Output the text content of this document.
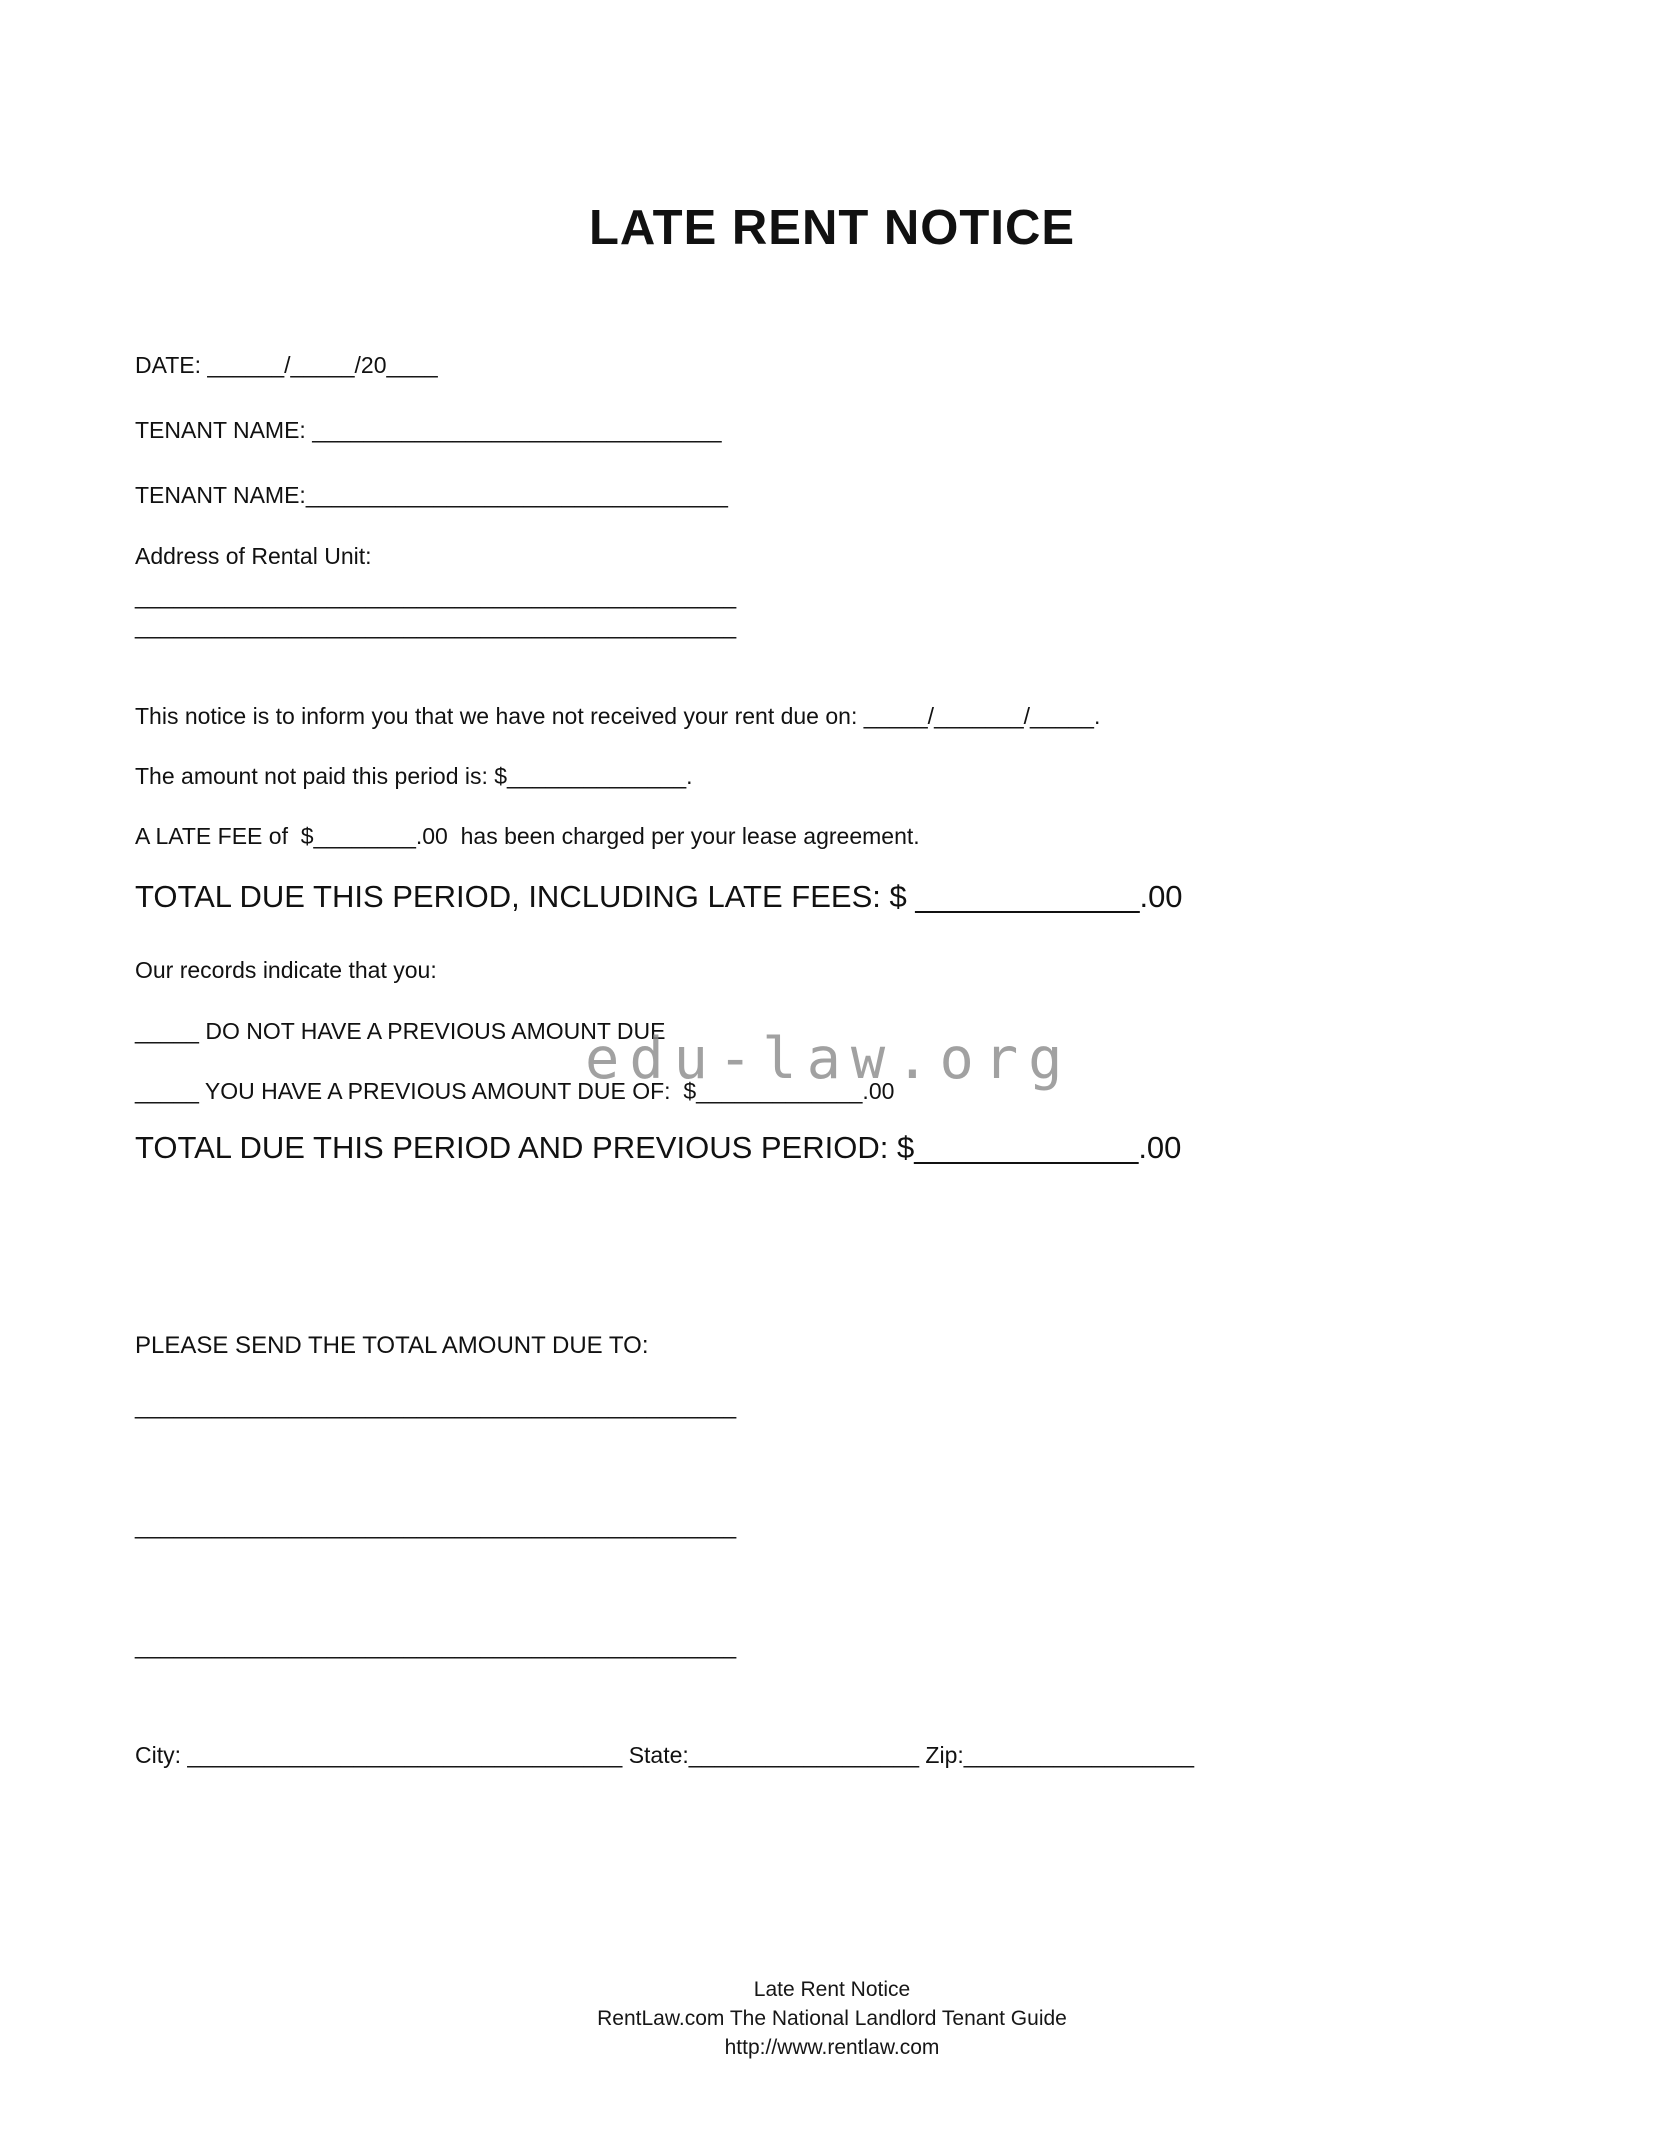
LATE RENT NOTICE
DATE: ______/_____/20____
TENANT NAME: ________________________________
TENANT NAME:_________________________________
Address of Rental Unit:
_______________________________________________
_______________________________________________
This notice is to inform you that we have not received your rent due on: _____/_______/_____.
The amount not paid this period is: $______________.
A LATE FEE of  $________.00  has been charged per your lease agreement.
TOTAL DUE THIS PERIOD, INCLUDING LATE FEES: $ _____________.00
Our records indicate that you:
_____ DO NOT HAVE A PREVIOUS AMOUNT DUE
_____ YOU HAVE A PREVIOUS AMOUNT DUE OF:  $_____________.00
TOTAL DUE THIS PERIOD AND PREVIOUS PERIOD: $_____________.00
PLEASE SEND THE TOTAL AMOUNT DUE TO:
_______________________________________________
_______________________________________________
_______________________________________________
City: __________________________________ State:__________________ Zip:__________________
edu-law.org
Late Rent Notice
RentLaw.com The National Landlord Tenant Guide
http://www.rentlaw.com
